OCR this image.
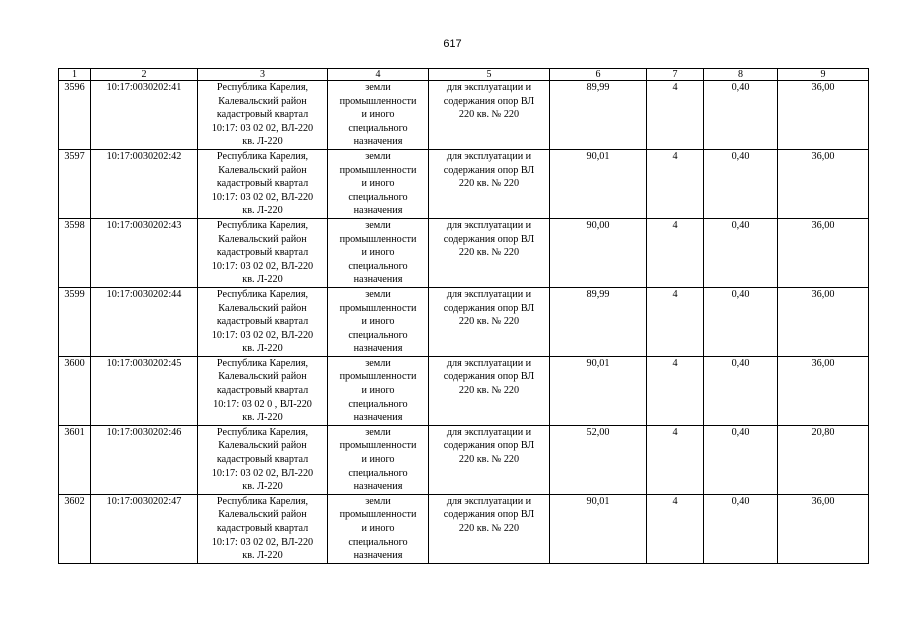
617
1	2	3	4	5	6	7	8	9
3596	10:17:0030202:41	Республика Карелия,
Калевальский район
кадастровый квартал
10:17: 03 02 02, ВЛ-220
кв. Л-220	земли
промышленности
и иного
специального
назначения	для эксплуатации и
содержания опор ВЛ
220 кв. № 220	89,99	4	0,40	36,00
3597	10:17:0030202:42	Республика Карелия,
Калевальский район
кадастровый квартал
10:17: 03 02 02, ВЛ-220
кв. Л-220	земли
промышленности
и иного
специального
назначения	для эксплуатации и
содержания опор ВЛ
220 кв. № 220	90,01	4	0,40	36,00
3598	10:17:0030202:43	Республика Карелия,
Калевальский район
кадастровый квартал
10:17: 03 02 02, ВЛ-220
кв. Л-220	земли
промышленности
и иного
специального
назначения	для эксплуатации и
содержания опор ВЛ
220 кв. № 220	90,00	4	0,40	36,00
3599	10:17:0030202:44	Республика Карелия,
Калевальский район
кадастровый квартал
10:17: 03 02 02, ВЛ-220
кв. Л-220	земли
промышленности
и иного
специального
назначения	для эксплуатации и
содержания опор ВЛ
220 кв. № 220	89,99	4	0,40	36,00
3600	10:17:0030202:45	Республика Карелия,
Калевальский район
кадастровый квартал
10:17: 03 02 0 , ВЛ-220
кв. Л-220	земли
промышленности
и иного
специального
назначения	для эксплуатации и
содержания опор ВЛ
220 кв. № 220	90,01	4	0,40	36,00
3601	10:17:0030202:46	Республика Карелия,
Калевальский район
кадастровый квартал
10:17: 03 02 02, ВЛ-220
кв. Л-220	земли
промышленности
и иного
специального
назначения	для эксплуатации и
содержания опор ВЛ
220 кв. № 220	52,00	4	0,40	20,80
3602	10:17:0030202:47	Республика Карелия,
Калевальский район
кадастровый квартал
10:17: 03 02 02, ВЛ-220
кв. Л-220	земли
промышленности
и иного
специального
назначения	для эксплуатации и
содержания опор ВЛ
220 кв. № 220	90,01	4	0,40	36,00
